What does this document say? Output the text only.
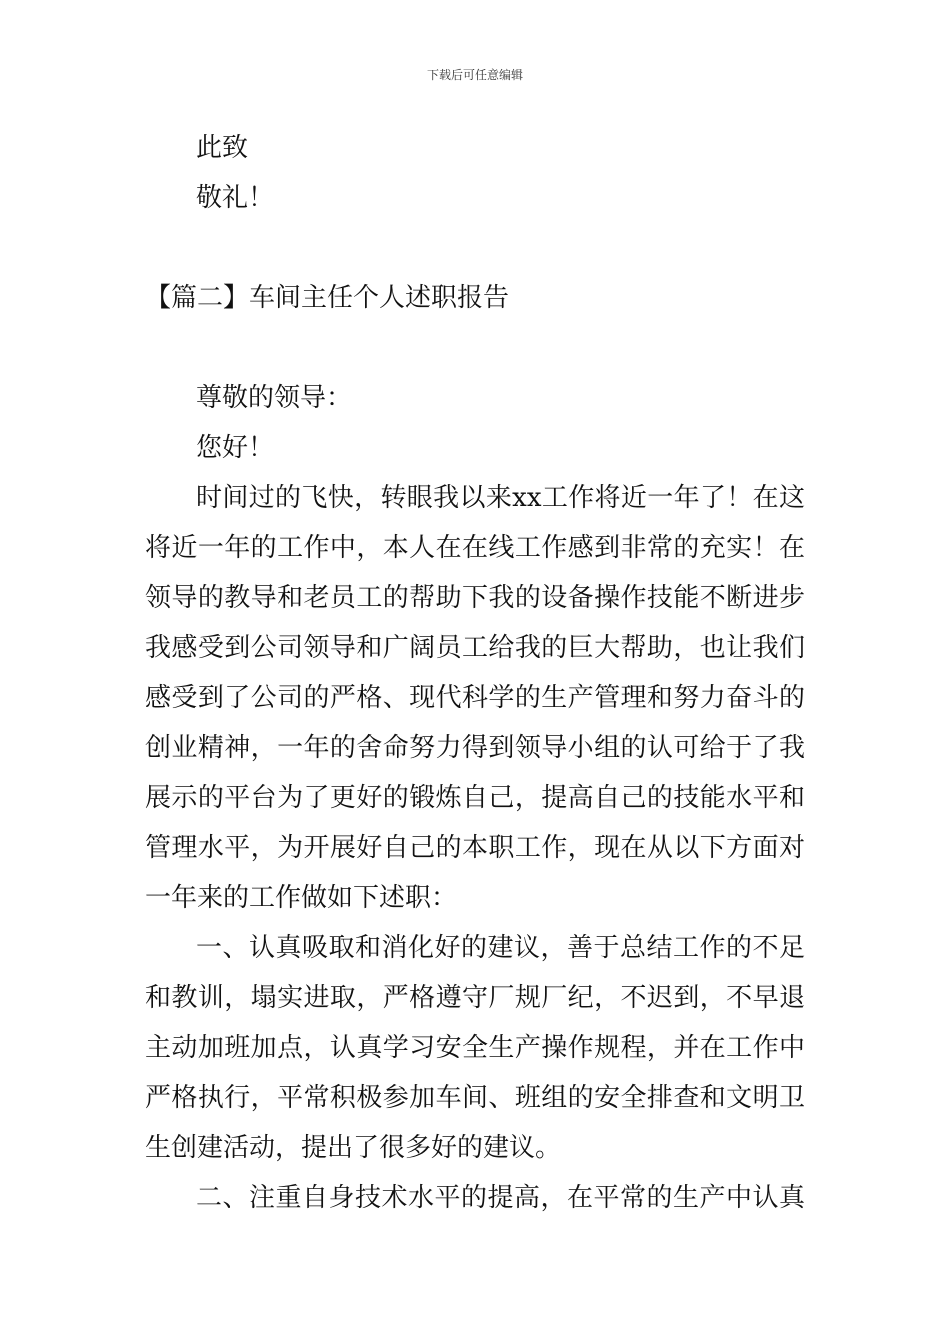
下载后可任意编辑
此致
敬礼！
【篇二】车间主任个人述职报告
尊敬的领导：
您好！
时间过的飞快，转眼我以来xx工作将近一年了！在这
将近一年的工作中，本人在在线工作感到非常的充实！在
领导的教导和老员工的帮助下我的设备操作技能不断进步
我感受到公司领导和广阔员工给我的巨大帮助，也让我们
感受到了公司的严格、现代科学的生产管理和努力奋斗的
创业精神，一年的舍命努力得到领导小组的认可给于了我
展示的平台为了更好的锻炼自己，提高自己的技能水平和
管理水平，为开展好自己的本职工作，现在从以下方面对
一年来的工作做如下述职：
一、认真吸取和消化好的建议，善于总结工作的不足
和教训，塌实进取，严格遵守厂规厂纪，不迟到，不早退
主动加班加点，认真学习安全生产操作规程，并在工作中
严格执行，平常积极参加车间、班组的安全排查和文明卫
生创建活动，提出了很多好的建议。
二、注重自身技术水平的提高，在平常的生产中认真
